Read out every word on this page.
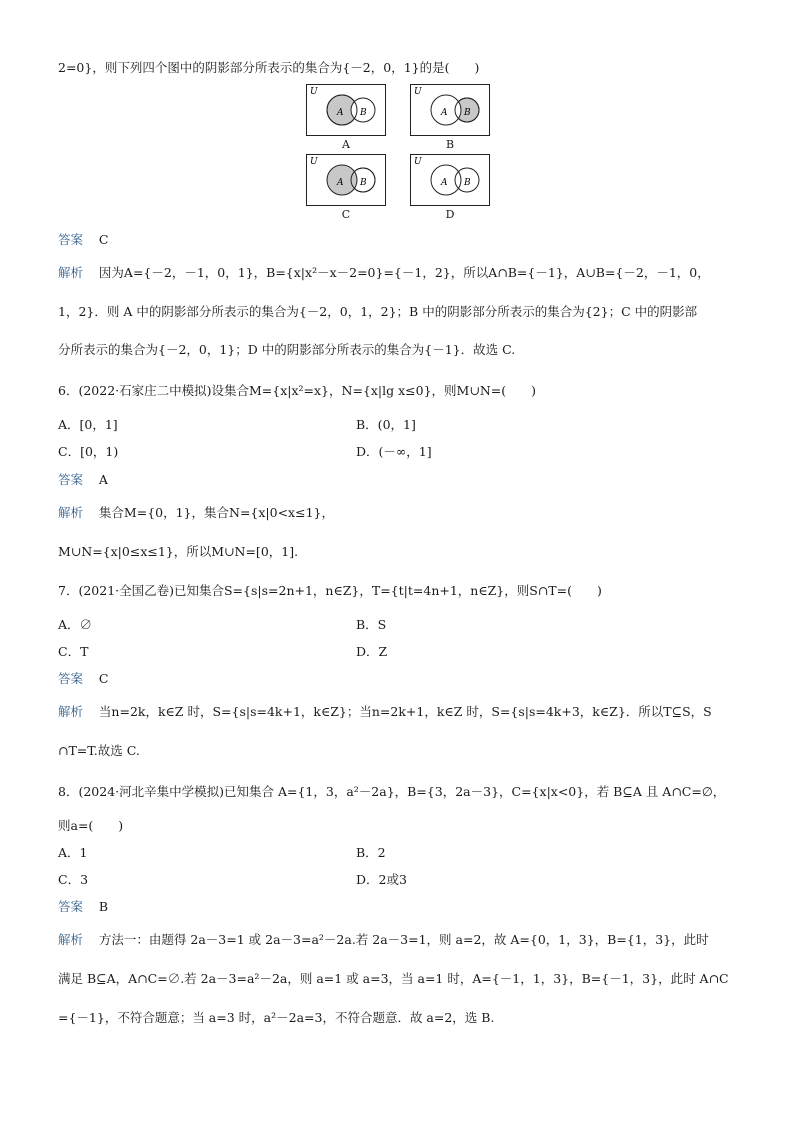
2=0}，则下列四个图中的阴影部分所表示的集合为{－2，0，1}的是(　　)
U
A B
A
U
A B
B
U
A B
C
U
A B
D
答案 C
解析 因为A={－2，－1，0，1}，B={x|x²－x－2=0}={－1，2}，所以A∩B={－1}，A∪B={－2，－1，0，
1，2}．则 A 中的阴影部分所表示的集合为{－2，0，1，2}；B 中的阴影部分所表示的集合为{2}；C 中的阴影部
分所表示的集合为{－2，0，1}；D 中的阴影部分所表示的集合为{－1}．故选 C.
6．(2022·石家庄二中模拟)设集合M={x|x²=x}，N={x|lg x≤0}，则M∪N=(　　)
A．[0，1]	B．(0，1]
C．[0，1)	D．(－∞，1]
答案 A
解析 集合M={0，1}，集合N={x|0<x≤1}，
M∪N={x|0≤x≤1}，所以M∪N=[0，1].
7．(2021·全国乙卷)已知集合S={s|s=2n+1，n∈Z}，T={t|t=4n+1，n∈Z}，则S∩T=(　　)
A．∅	B．S
C．T	D．Z
答案 C
解析 当n=2k，k∈Z 时，S={s|s=4k+1，k∈Z}；当n=2k+1，k∈Z 时，S={s|s=4k+3，k∈Z}．所以T⊆S，S
∩T=T.故选 C.
8．(2024·河北辛集中学模拟)已知集合 A={1，3，a²－2a}，B={3，2a－3}，C={x|x<0}，若 B⊆A 且 A∩C=∅，
则a=(　　)
A．1	B．2
C．3	D．2或3
答案 B
解析 方法一：由题得 2a－3=1 或 2a－3=a²－2a.若 2a－3=1，则 a=2，故 A={0，1，3}，B={1，3}，此时
满足 B⊆A，A∩C=∅.若 2a－3=a²－2a，则 a=1 或 a=3，当 a=1 时，A={－1，1，3}，B={－1，3}，此时 A∩C
={－1}，不符合题意；当 a=3 时，a²－2a=3，不符合题意．故 a=2，选 B.
